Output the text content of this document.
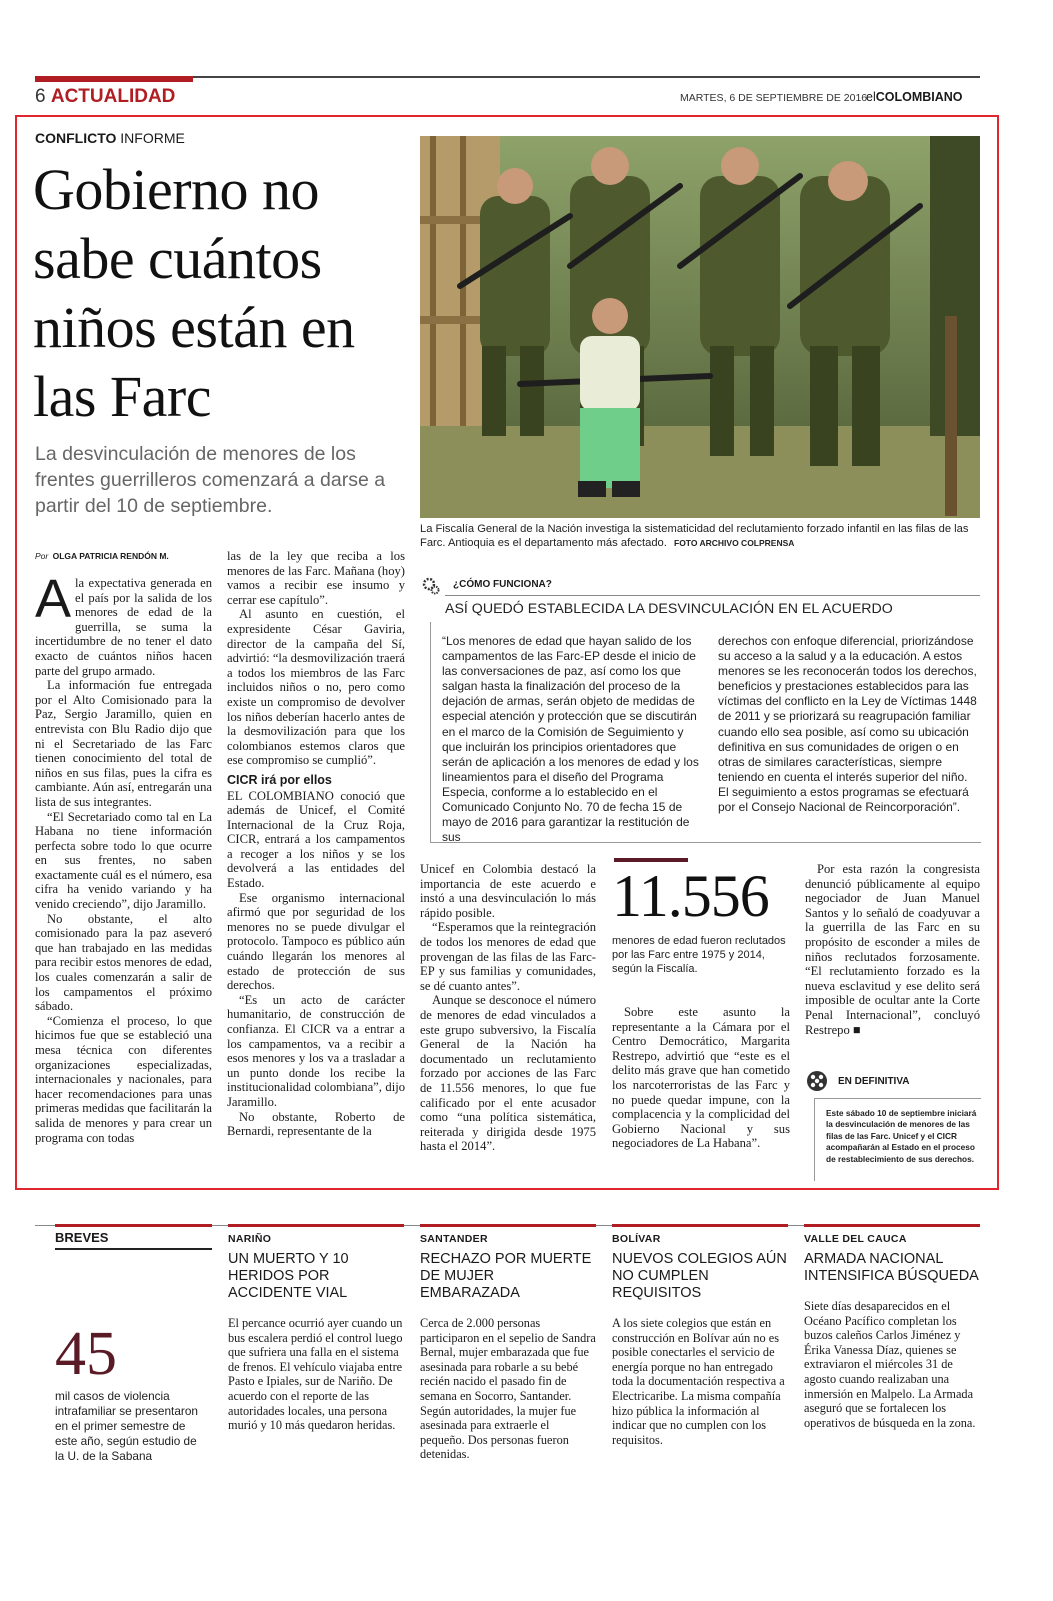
6 ACTUALIDAD	MARTES, 6 DE SEPTIEMBRE DE 2016
elCOLOMBIANO
CONFLICTO INFORME
Gobierno no sabe cuántos niños están en las Farc
La desvinculación de menores de los frentes guerrilleros comenzará a darse a partir del 10 de septiembre.
La Fiscalía General de la Nación investiga la sistematicidad del reclutamiento forzado infantil en las filas de las Farc. Antioquia es el departamento más afectado. FOTO ARCHIVO COLPRENSA
Por OLGA PATRICIA RENDÓN M.

Ala expectativa generada en el país por la salida de los menores de edad de la guerrilla, se suma la incertidumbre de no tener el dato exacto de cuántos niños hacen parte del grupo armado.

La información fue entregada por el Alto Comisionado para la Paz, Sergio Jaramillo, quien en entrevista con Blu Radio dijo que ni el Secretariado de las Farc tienen conocimiento del total de niños en sus filas, pues la cifra es cambiante. Aún así, entregarán una lista de sus integrantes.

“El Secretariado como tal en La Habana no tiene información perfecta sobre todo lo que ocurre en sus frentes, no saben exactamente cuál es el número, esa cifra ha venido variando y ha venido creciendo”, dijo Jaramillo.

No obstante, el alto comisionado para la paz aseveró que han trabajado en las medidas para recibir estos menores de edad, los cuales comenzarán a salir de los campamentos el próximo sábado.

“Comienza el proceso, lo que hicimos fue que se estableció una mesa técnica con diferentes organizaciones especializadas, internacionales y nacionales, para hacer recomendaciones para unas primeras medidas que facilitarán la salida de menores y para crear un programa con todas

las de la ley que reciba a los menores de las Farc. Mañana (hoy) vamos a recibir ese insumo y cerrar ese capítulo”.

Al asunto en cuestión, el expresidente César Gaviria, director de la campaña del Sí, advirtió: “la desmovilización traerá a todos los miembros de las Farc incluidos niños o no, pero como existe un compromiso de devolver los niños deberían hacerlo antes de la desmovilización para que los colombianos estemos claros que ese compromiso se cumplió”.

CICR irá por ellos

EL COLOMBIANO conoció que además de Unicef, el Comité Internacional de la Cruz Roja, CICR, entrará a los campamentos a recoger a los niños y se los devolverá a las entidades del Estado.

Ese organismo internacional afirmó que por seguridad de los menores no se puede divulgar el protocolo. Tampoco es público aún cuándo llegarán los menores al estado de protección de sus derechos.

“Es un acto de carácter humanitario, de construcción de confianza. El CICR va a entrar a los campamentos, va a recibir a esos menores y los va a trasladar a un punto donde los recibe la institucionalidad colombiana”, dijo Jaramillo.

No obstante, Roberto de Bernardi, representante de la

¿CÓMO FUNCIONA?
ASÍ QUEDÓ ESTABLECIDA LA DESVINCULACIÓN EN EL ACUERDO
“Los menores de edad que hayan salido de los campamentos de las Farc-EP desde el inicio de las conversaciones de paz, así como los que salgan hasta la finalización del proceso de la dejación de armas, serán objeto de medidas de especial atención y protección que se discutirán en el marco de la Comisión de Seguimiento y que incluirán los principios orientadores que serán de aplicación a los menores de edad y los lineamientos para el diseño del Programa Especia, conforme a lo establecido en el Comunicado Conjunto No. 70 de fecha 15 de mayo de 2016 para garantizar la restitución de sus
derechos con enfoque diferencial, priorizándose su acceso a la salud y a la educación. A estos menores se les reconocerán todos los derechos, beneficios y prestaciones establecidos para las víctimas del conflicto en la Ley de Víctimas 1448 de 2011 y se priorizará su reagrupación familiar cuando ello sea posible, así como su ubicación definitiva en sus comunidades de origen o en otras de similares características, siempre teniendo en cuenta el interés superior del niño. El seguimiento a estos programas se efectuará por el Consejo Nacional de Reincorporación”.

Unicef en Colombia destacó la importancia de este acuerdo e instó a una desvinculación lo más rápido posible.

“Esperamos que la reintegración de todos los menores de edad que provengan de las filas de las Farc-EP y sus familias y comunidades, se dé cuanto antes”.

Aunque se desconoce el número de menores de edad vinculados a este grupo subversivo, la Fiscalía General de la Nación ha documentado un reclutamiento forzado por acciones de las Farc de 11.556 menores, lo que fue calificado por el ente acusador como “una política sistemática, reiterada y dirigida desde 1975 hasta el 2014”.

11.556
menores de edad fueron reclutados por las Farc entre 1975 y 2014, según la Fiscalía.

Sobre este asunto la representante a la Cámara por el Centro Democrático, Margarita Restrepo, advirtió que “este es el delito más grave que han cometido los narcoterroristas de las Farc y no puede quedar impune, con la complacencia y la complicidad del Gobierno Nacional y sus negociadores de La Habana”.

Por esta razón la congresista denunció públicamente al equipo negociador de Juan Manuel Santos y lo señaló de coadyuvar a la guerrilla de las Farc en su propósito de esconder a miles de niños reclutados forzosamente. “El reclutamiento forzado es la nueva esclavitud y ese delito será imposible de ocultar ante la Corte Penal Internacional”, concluyó Restrepo ■

EN DEFINITIVA
Este sábado 10 de septiembre iniciará la desvinculación de menores de las filas de las Farc. Unicef y el CICR acompañarán al Estado en el proceso de restablecimiento de sus derechos.
BREVES
45
mil casos de violencia intrafamiliar se presentaron en el primer semestre de este año, según estudio de la U. de la Sabana
NARIÑO
UN MUERTO Y 10 HERIDOS POR ACCIDENTE VIAL
El percance ocurrió ayer cuando un bus escalera perdió el control luego que sufriera una falla en el sistema de frenos. El vehículo viajaba entre Pasto e Ipiales, sur de Nariño. De acuerdo con el reporte de las autoridades locales, una persona murió y 10 más quedaron heridas.
SANTANDER
RECHAZO POR MUERTE DE MUJER EMBARAZADA
Cerca de 2.000 personas participaron en el sepelio de Sandra Bernal, mujer embarazada que fue asesinada para robarle a su bebé recién nacido el pasado fin de semana en Socorro, Santander. Según autoridades, la mujer fue asesinada para extraerle el pequeño. Dos personas fueron detenidas.
BOLÍVAR
NUEVOS COLEGIOS AÚN NO CUMPLEN REQUISITOS
A los siete colegios que están en construcción en Bolívar aún no es posible conectarles el servicio de energía porque no han entregado toda la documentación respectiva a Electricaribe. La misma compañía hizo pública la información al indicar que no cumplen con los requisitos.
VALLE DEL CAUCA
ARMADA NACIONAL INTENSIFICA BÚSQUEDA
Siete días desaparecidos en el Océano Pacífico completan los buzos caleños Carlos Jiménez y Érika Vanessa Díaz, quienes se extraviaron el miércoles 31 de agosto cuando realizaban una inmersión en Malpelo. La Armada aseguró que se fortalecen los operativos de búsqueda en la zona.
